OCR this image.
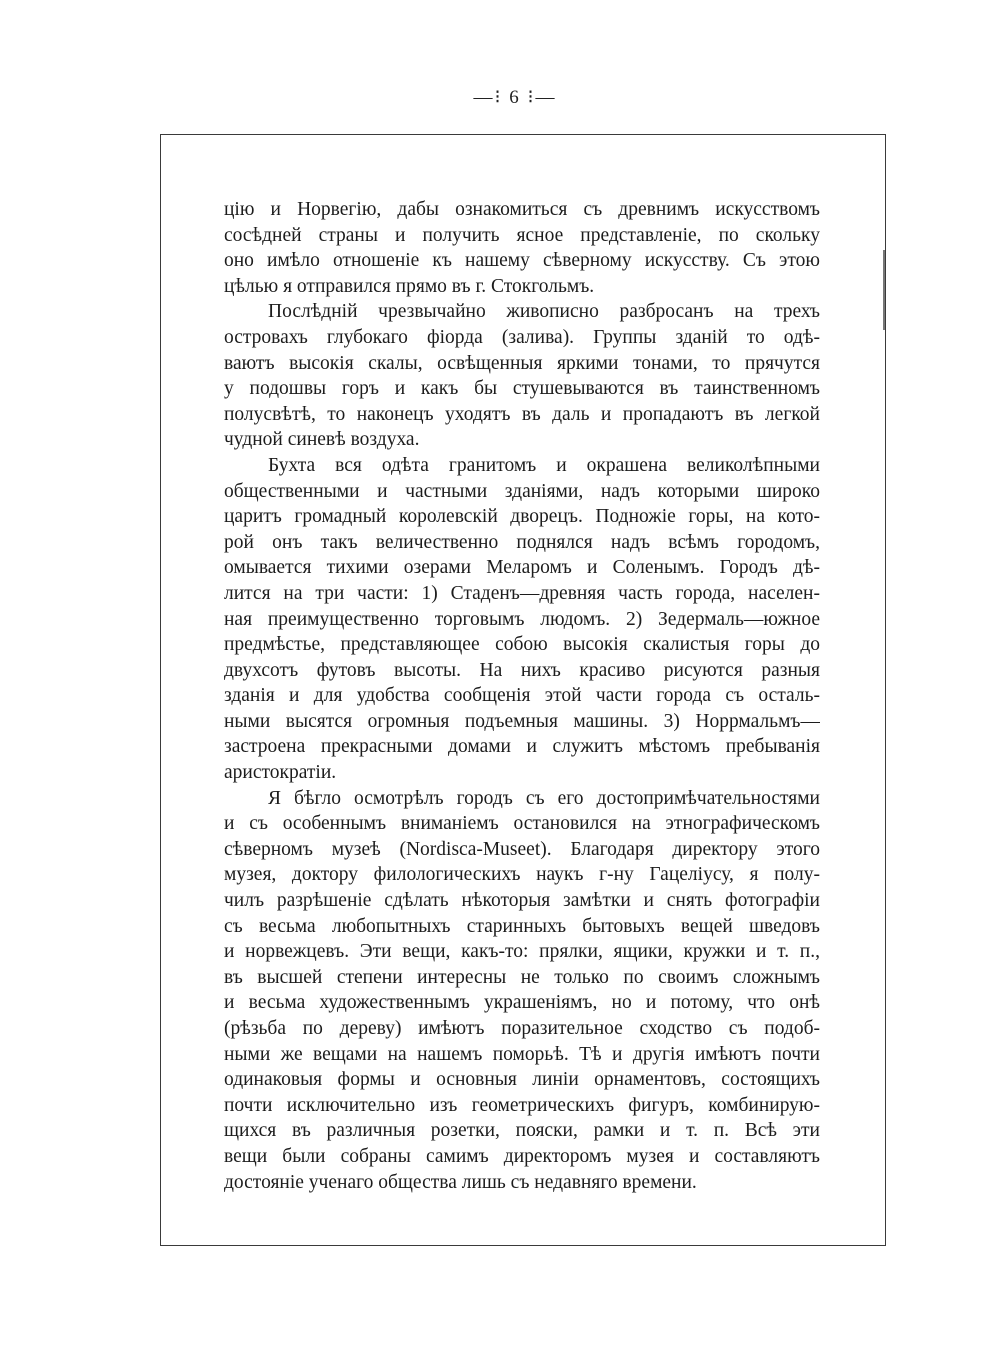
—⁝ 6 ⁝—
цію и Норвегію, дабы ознакомиться съ древнимъ искусствомъ
сосѣдней страны и получить ясное представленіе, по скольку
оно имѣло отношеніе къ нашему сѣверному искусству. Съ этою
цѣлью я отправился прямо въ г. Стокгольмъ.
Послѣдній чрезвычайно живописно разбросанъ на трехъ
островахъ глубокаго фіорда (залива). Группы зданій то одѣ-
ваютъ высокія скалы, освѣщенныя яркими тонами, то прячутся
у подошвы горъ и какъ бы стушевываются въ таинственномъ
полусвѣтѣ, то наконецъ уходятъ въ даль и пропадаютъ въ легкой
чудной синевѣ воздуха.
Бухта вся одѣта гранитомъ и окрашена великолѣпными
общественными и частными зданіями, надъ которыми широко
царитъ громадный королевскій дворецъ. Подножіе горы, на кото-
рой онъ такъ величественно поднялся надъ всѣмъ городомъ,
омывается тихими озерами Меларомъ и Соленымъ. Городъ дѣ-
лится на три части: 1) Стаденъ—древняя часть города, населен-
ная преимущественно торговымъ людомъ. 2) Зедермаль—южное
предмѣстье, представляющее собою высокія скалистыя горы до
двухсотъ футовъ высоты. На нихъ красиво рисуются разныя
зданія и для удобства сообщенія этой части города съ осталь-
ными высятся огромныя подъемныя машины. 3) Норрмальмъ—
застроена прекрасными домами и служитъ мѣстомъ пребыванія
аристократіи.
Я бѣгло осмотрѣлъ городъ съ его достопримѣчательностями
и съ особеннымъ вниманіемъ остановился на этнографическомъ
сѣверномъ музеѣ (Nordisca-Museet). Благодаря директору этого
музея, доктору филологическихъ наукъ г-ну Гацеліусу, я полу-
чилъ разрѣшеніе сдѣлать нѣкоторыя замѣтки и снять фотографіи
съ весьма любопытныхъ старинныхъ бытовыхъ вещей шведовъ
и норвежцевъ. Эти вещи, какъ-то: прялки, ящики, кружки и т. п.,
въ высшей степени интересны не только по своимъ сложнымъ
и весьма художественнымъ украшеніямъ, но и потому, что онѣ
(рѣзьба по дереву) имѣютъ поразительное сходство съ подоб-
ными же вещами на нашемъ поморьѣ. Тѣ и другія имѣютъ почти
одинаковыя формы и основныя линіи орнаментовъ, состоящихъ
почти исключительно изъ геометрическихъ фигуръ, комбинирую-
щихся въ различныя розетки, пояски, рамки и т. п. Всѣ эти
вещи были собраны самимъ директоромъ музея и составляютъ
достояніе ученаго общества лишь съ недавняго времени.
